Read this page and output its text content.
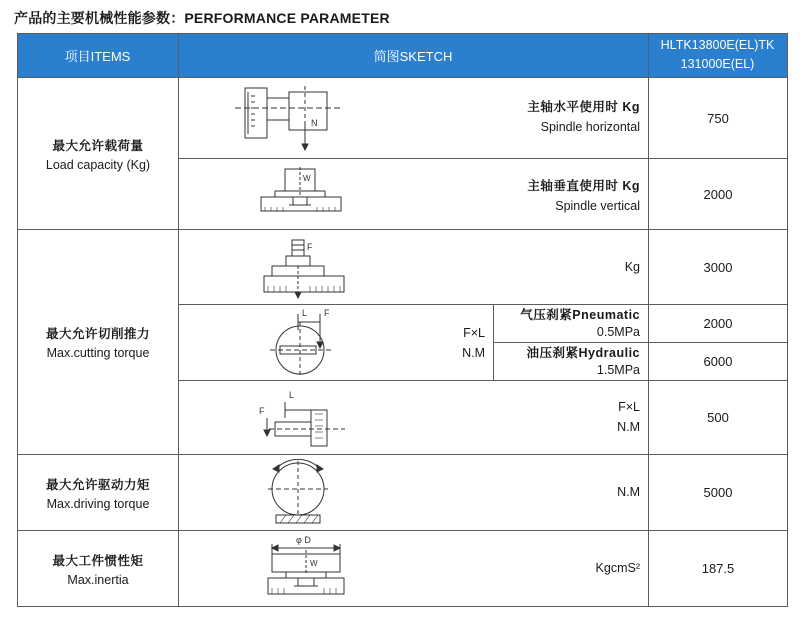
产品的主要机械性能参数：PERFORMANCE PARAMETER
项目ITEMS	简图SKETCH
HLTK13800E(EL)TK
131000E(EL)
最大允许载荷量
Load capacity (Kg)
最大允许切削推力
Max.cutting torque
最大允许驱动力矩
Max.driving torque
最大工件惯性矩
Max.inertia
主轴水平使用时 Kg
Spindle horizontal
主轴垂直使用时 Kg
Spindle vertical
Kg
F×L
N.M
气压刹紧Pneumatic
0.5MPa
油压刹紧Hydraulic
1.5MPa
F×L
N.M
N.M
KgcmS²
750
2000
3000
2000
6000
500
5000
187.5
N
W
F
L F
L
F
φ D
W
